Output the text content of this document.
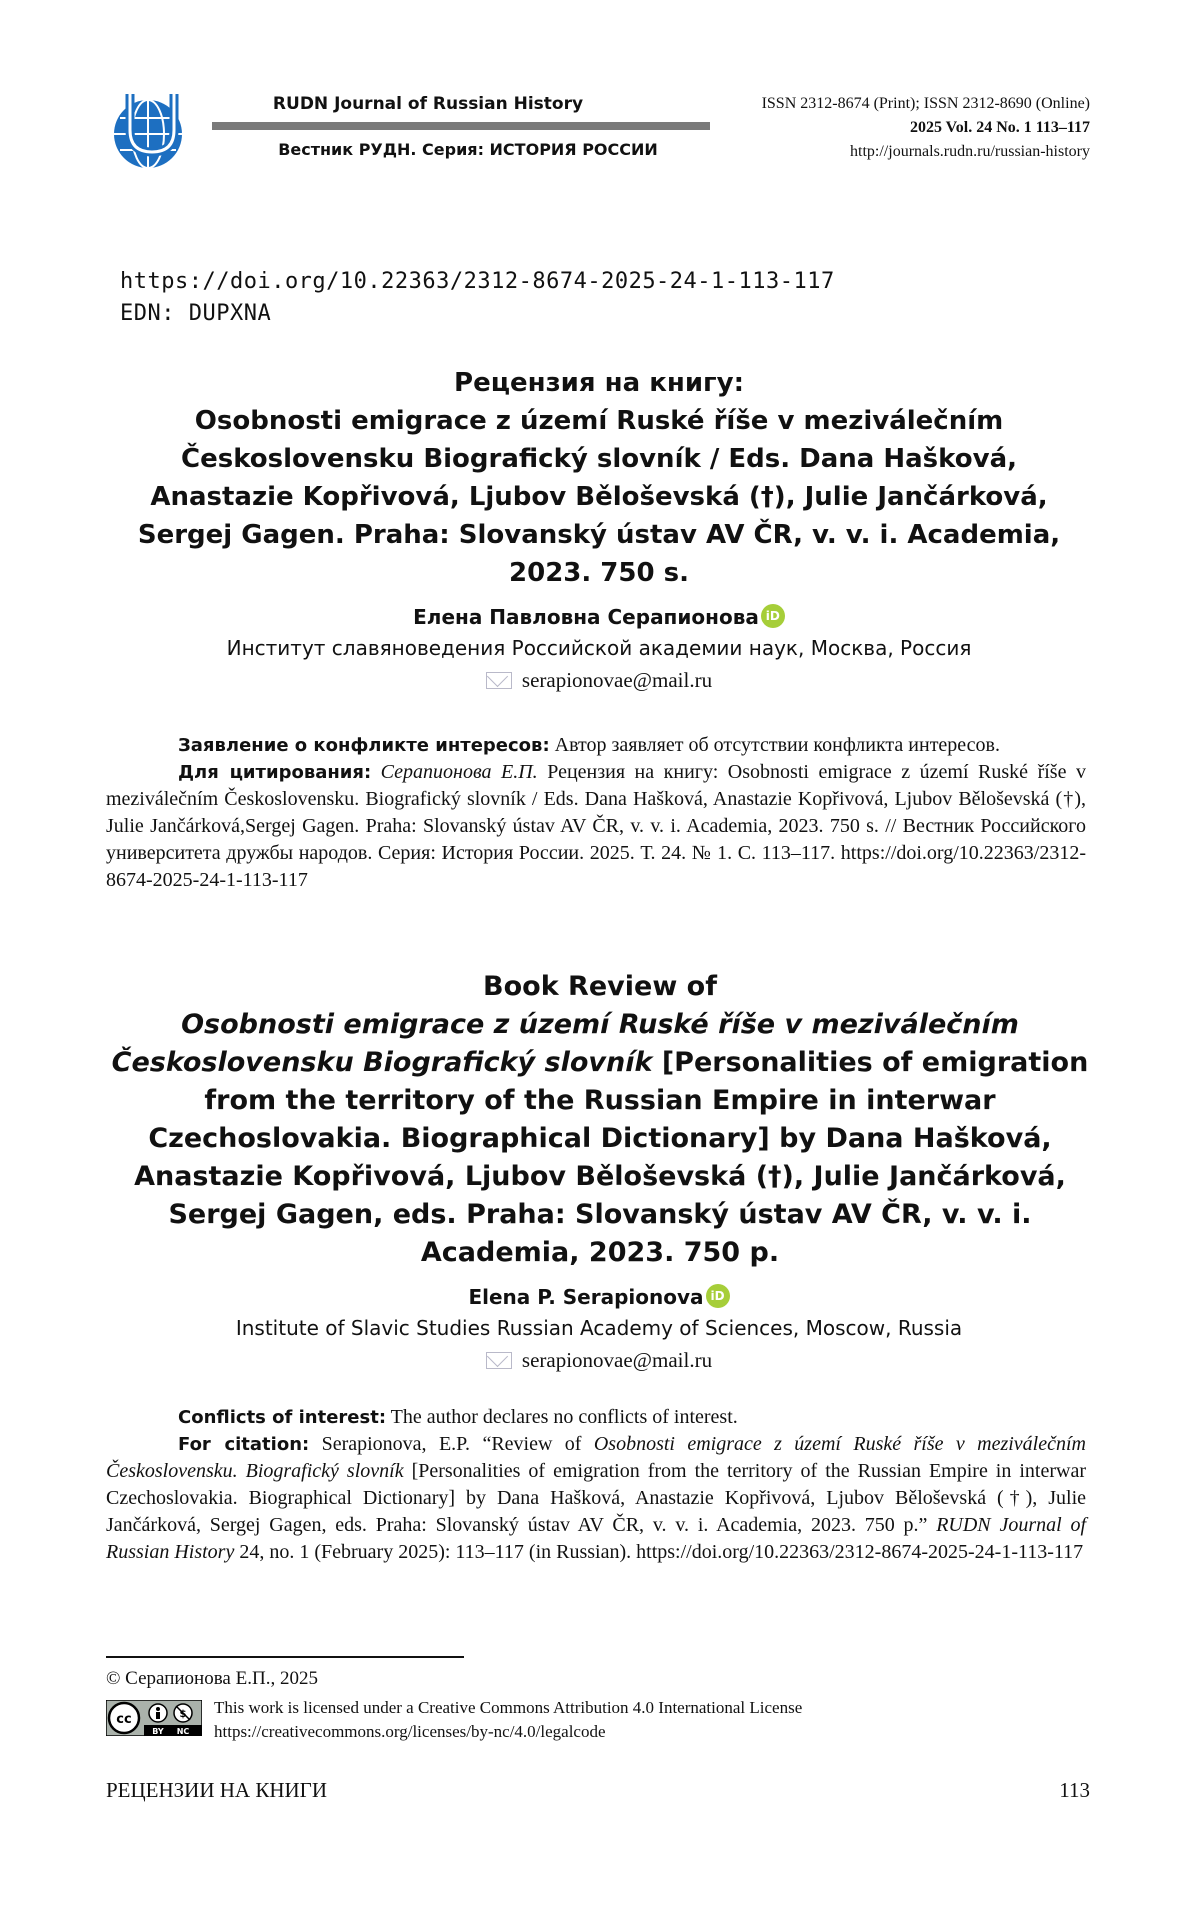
RUDN Journal of Russian History
Вестник РУДН. Серия: ИСТОРИЯ РОССИИ
ISSN 2312-8674 (Print); ISSN 2312-8690 (Online)
2025 Vol. 24 No. 1 113–117
http://journals.rudn.ru/russian-history
https://doi.org/10.22363/2312-8674-2025-24-1-113-117
EDN: DUPXNA
Рецензия на книгу:
Osobnosti emigrace z území Ruské říše v meziválečním
Československu Biografický slovník / Eds. Dana Hašková,
Anastazie Kopřivová, Ljubov Běloševská (†), Julie Jančárková,
Sergej Gagen. Praha: Slovanský ústav AV ČR, v. v. i. Academia,
2023. 750 s.
Елена Павловна Серапионова iD
Институт славяноведения Российской академии наук, Москва, Россия
serapionovae@mail.ru
Заявление о конфликте интересов: Автор заявляет об отсутствии конфликта интересов.
Для цитирования: Серапионова Е.П. Рецензия на книгу: Osobnosti emigrace z území Ruské říše v meziválečním Československu. Biografický slovník / Eds. Dana Hašková, Anastazie Kopřivová, Ljubov Běloševská (†), Julie Jančárková,Sergej Gagen. Praha: Slovanský ústav AV ČR, v. v. i. Academia, 2023. 750 s. // Вестник Российского университета дружбы народов. Серия: История России. 2025. Т. 24. № 1. С. 113–117. https://doi.org/10.22363/2312-8674-2025-24-1-113-117
Book Review of
Osobnosti emigrace z území Ruské říše v meziválečním Československu Biografický slovník [Personalities of emigration from the territory of the Russian Empire in interwar Czechoslovakia. Biographical Dictionary] by Dana Hašková, Anastazie Kopřivová, Ljubov Běloševská (†), Julie Jančárková, Sergej Gagen, eds. Praha: Slovanský ústav AV ČR, v. v. i. Academia, 2023. 750 p.
Elena P. Serapionova iD
Institute of Slavic Studies Russian Academy of Sciences, Moscow, Russia
serapionovae@mail.ru
Conflicts of interest: The author declares no conflicts of interest.
For citation: Serapionova, E.P. “Review of Osobnosti emigrace z území Ruské říše v meziválečním Československu. Biografický slovník [Personalities of emigration from the territory of the Russian Empire in interwar Czechoslovakia. Biographical Dictionary] by Dana Hašková, Anastazie Kopřivová, Ljubov Běloševská (†), Julie Jančárková, Sergej Gagen, eds. Praha: Slovanský ústav AV ČR, v. v. i. Academia, 2023. 750 p.” RUDN Journal of Russian History 24, no. 1 (February 2025): 113–117 (in Russian). https://doi.org/10.22363/2312-8674-2025-24-1-113-117
© Серапионова Е.П., 2025
cc	$
BY NC
This work is licensed under a Creative Commons Attribution 4.0 International License
https://creativecommons.org/licenses/by-nc/4.0/legalcode
РЕЦЕНЗИИ НА КНИГИ	113
